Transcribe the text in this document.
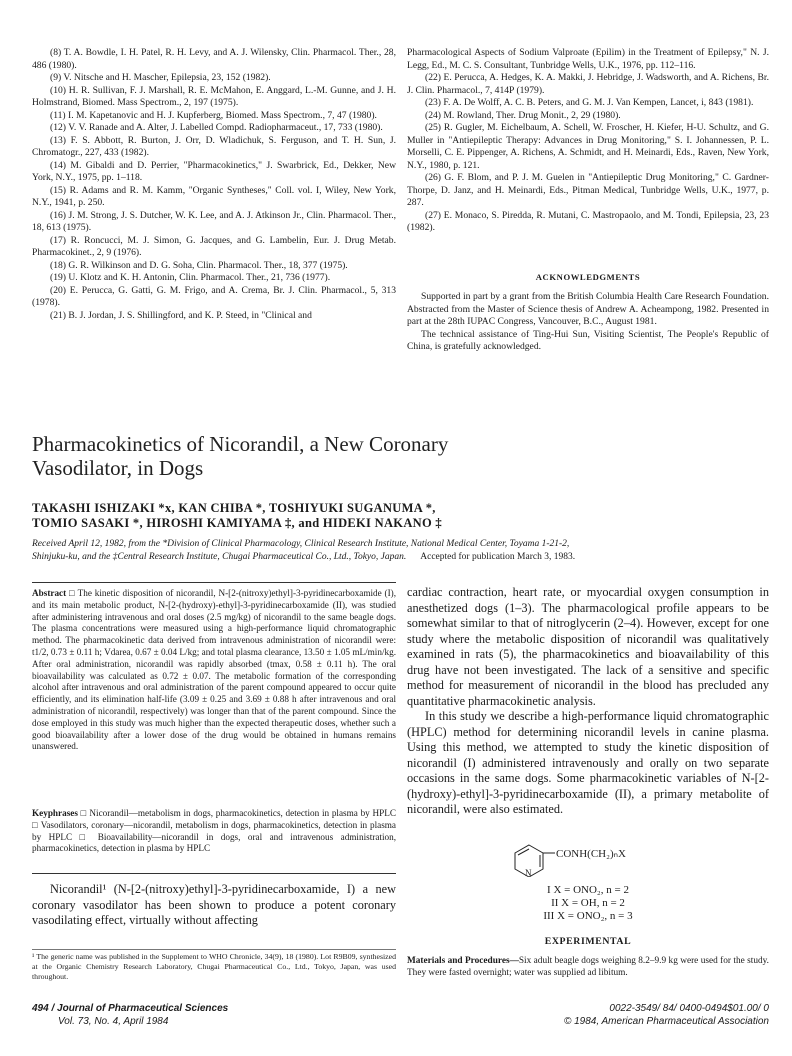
(8) T. A. Bowdle, I. H. Patel, R. H. Levy, and A. J. Wilensky, Clin. Pharmacol. Ther., 28, 486 (1980).

(9) V. Nitsche and H. Mascher, Epilepsia, 23, 152 (1982).

(10) H. R. Sullivan, F. J. Marshall, R. E. McMahon, E. Anggard, L.-M. Gunne, and J. H. Holmstrand, Biomed. Mass Spectrom., 2, 197 (1975).

(11) I. M. Kapetanovic and H. J. Kupferberg, Biomed. Mass Spectrom., 7, 47 (1980).

(12) V. V. Ranade and A. Alter, J. Labelled Compd. Radiopharmaceut., 17, 733 (1980).

(13) F. S. Abbott, R. Burton, J. Orr, D. Wladichuk, S. Ferguson, and T. H. Sun, J. Chromatogr., 227, 433 (1982).

(14) M. Gibaldi and D. Perrier, "Pharmacokinetics," J. Swarbrick, Ed., Dekker, New York, N.Y., 1975, pp. 1–118.

(15) R. Adams and R. M. Kamm, "Organic Syntheses," Coll. vol. I, Wiley, New York, N.Y., 1941, p. 250.

(16) J. M. Strong, J. S. Dutcher, W. K. Lee, and A. J. Atkinson Jr., Clin. Pharmacol. Ther., 18, 613 (1975).

(17) R. Roncucci, M. J. Simon, G. Jacques, and G. Lambelin, Eur. J. Drug Metab. Pharmacokinet., 2, 9 (1976).

(18) G. R. Wilkinson and D. G. Soha, Clin. Pharmacol. Ther., 18, 377 (1975).

(19) U. Klotz and K. H. Antonin, Clin. Pharmacol. Ther., 21, 736 (1977).

(20) E. Perucca, G. Gatti, G. M. Frigo, and A. Crema, Br. J. Clin. Pharmacol., 5, 313 (1978).

(21) B. J. Jordan, J. S. Shillingford, and K. P. Steed, in "Clinical and

Pharmacological Aspects of Sodium Valproate (Epilim) in the Treatment of Epilepsy," N. J. Legg, Ed., M. C. S. Consultant, Tunbridge Wells, U.K., 1976, pp. 112–116.

(22) E. Perucca, A. Hedges, K. A. Makki, J. Hebridge, J. Wadsworth, and A. Richens, Br. J. Clin. Pharmacol., 7, 414P (1979).

(23) F. A. De Wolff, A. C. B. Peters, and G. M. J. Van Kempen, Lancet, i, 843 (1981).

(24) M. Rowland, Ther. Drug Monit., 2, 29 (1980).

(25) R. Gugler, M. Eichelbaum, A. Schell, W. Froscher, H. Kiefer, H-U. Schultz, and G. Muller in "Antiepileptic Therapy: Advances in Drug Monitoring," S. I. Johannessen, P. L. Morselli, C. E. Pippenger, A. Richens, A. Schmidt, and H. Meinardi, Eds., Raven, New York, N.Y., 1980, p. 121.

(26) G. F. Blom, and P. J. M. Guelen in "Antiepileptic Drug Monitoring," C. Gardner-Thorpe, D. Janz, and H. Meinardi, Eds., Pitman Medical, Tunbridge Wells, U.K., 1977, p. 287.

(27) E. Monaco, S. Piredda, R. Mutani, C. Mastropaolo, and M. Tondi, Epilepsia, 23, 23 (1982).

ACKNOWLEDGMENTS

Supported in part by a grant from the British Columbia Health Care Research Foundation. Abstracted from the Master of Science thesis of Andrew A. Acheampong, 1982. Presented in part at the 28th IUPAC Congress, Vancouver, B.C., August 1981.

The technical assistance of Ting-Hui Sun, Visiting Scientist, The People's Republic of China, is gratefully acknowledged.

Pharmacokinetics of Nicorandil, a New Coronary
Vasodilator, in Dogs

TAKASHI ISHIZAKI *x, KAN CHIBA *, TOSHIYUKI SUGANUMA *,

TOMIO SASAKI *, HIROSHI KAMIYAMA ‡, and HIDEKI NAKANO ‡

Received April 12, 1982, from the *Division of Clinical Pharmacology, Clinical Research Institute, National Medical Center, Toyama 1-21-2,

Shinjuku-ku, and the ‡Central Research Institute, Chugai Pharmaceutical Co., Ltd., Tokyo, Japan. Accepted for publication March 3, 1983.

Abstract □ The kinetic disposition of nicorandil, N-[2-(nitroxy)ethyl]-3-pyridinecarboxamide (I), and its main metabolic product, N-[2-(hydroxy)-ethyl]-3-pyridinecarboxamide (II), was studied after administering intravenous and oral doses (2.5 mg/kg) of nicorandil to the same beagle dogs. The plasma concentrations were measured using a high-performance liquid chromatographic method. The pharmacokinetic data derived from intravenous administration of nicorandil were: t1/2, 0.73 ± 0.11 h; Vdarea, 0.67 ± 0.04 L/kg; and total plasma clearance, 13.50 ± 1.05 mL/min/kg. After oral administration, nicorandil was rapidly absorbed (tmax, 0.58 ± 0.11 h). The oral bioavailability was calculated as 0.72 ± 0.07. The metabolic formation of the corresponding alcohol after intravenous and oral administration of the parent compound appeared to occur quite efficiently, and its elimination half-life (3.09 ± 0.25 and 3.69 ± 0.88 h after intravenous and oral administration of nicorandil, respectively) was longer than that of the parent compound. Since the dose employed in this study was much higher than the expected therapeutic doses, whether such a good bioavailability after a lower dose of the drug would be obtained in humans remains unanswered.

Keyphrases □ Nicorandil—metabolism in dogs, pharmacokinetics, detection in plasma by HPLC □ Vasodilators, coronary—nicorandil, metabolism in dogs, pharmacokinetics, detection in plasma by HPLC □ Bioavailability—nicorandil in dogs, oral and intravenous administration, pharmacokinetics, detection in plasma by HPLC

Nicorandil¹ (N-[2-(nitroxy)ethyl]-3-pyridinecarboxamide, I) a new coronary vasodilator has been shown to produce a potent coronary vasodilating effect, virtually without affecting

¹ The generic name was published in the Supplement to WHO Chronicle, 34(9), 18 (1980). Lot R9B09, synthesized at the Organic Chemistry Research Laboratory, Chugai Pharmaceutical Co., Ltd., Tokyo, Japan, was used throughout.

cardiac contraction, heart rate, or myocardial oxygen consumption in anesthetized dogs (1–3). The pharmacological profile appears to be somewhat similar to that of nitroglycerin (2–4). However, except for one study where the metabolic disposition of nicorandil was qualitatively examined in rats (5), the pharmacokinetics and bioavailability of this drug have not been investigated. The lack of a sensitive and specific method for measurement of nicorandil in the blood has precluded any quantitative pharmacokinetic analysis.

In this study we describe a high-performance liquid chromatographic (HPLC) method for determining nicorandil levels in canine plasma. Using this method, we attempted to study the kinetic disposition of nicorandil (I) administered intravenously and orally on two separate occasions in the same dogs. Some pharmacokinetic variables of N-[2-(hydroxy)-ethyl]-3-pyridinecarboxamide (II), a primary metabolite of nicorandil, were also estimated.

CONH(CH₂)ₙX
N
I X = ONO₂, n = 2
II X = OH, n = 2
III X = ONO₂, n = 3

EXPERIMENTAL

Materials and Procedures—Six adult beagle dogs weighing 8.2–9.9 kg were used for the study. They were fasted overnight; water was supplied ad libitum.

494 / Journal of Pharmaceutical Sciences
Vol. 73, No. 4, April 1984
0022-3549/ 84/ 0400-0494$01.00/ 0
© 1984, American Pharmaceutical Association
